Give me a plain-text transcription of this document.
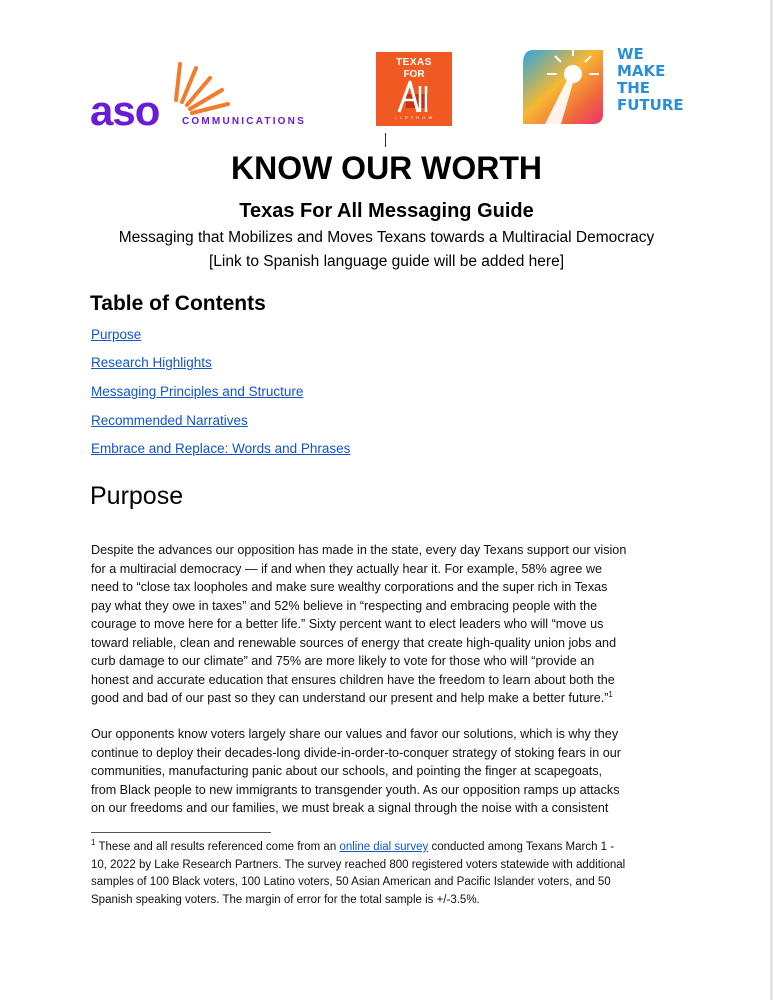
aso COMMUNICATIONS
TEXAS
FOR
L L E T R O W
WE
MAKE
THE
FUTURE
KNOW OUR WORTH
Texas For All Messaging Guide
Messaging that Mobilizes and Moves Texans towards a Multiracial Democracy
[Link to Spanish language guide will be added here]
Table of Contents
Purpose
Research Highlights
Messaging Principles and Structure
Recommended Narratives
Embrace and Replace: Words and Phrases
Purpose

Despite the advances our opposition has made in the state, every day Texans support our vision
for a multiracial democracy — if and when they actually hear it. For example, 58% agree we
need to “close tax loopholes and make sure wealthy corporations and the super rich in Texas
pay what they owe in taxes” and 52% believe in “respecting and embracing people with the
courage to move here for a better life.” Sixty percent want to elect leaders who will “move us
toward reliable, clean and renewable sources of energy that create high-quality union jobs and
curb damage to our climate” and 75% are more likely to vote for those who will “provide an
honest and accurate education that ensures children have the freedom to learn about both the
good and bad of our past so they can understand our present and help make a better future.”$^1$

Our opponents know voters largely share our values and favor our solutions, which is why they
continue to deploy their decades-long divide-in-order-to-conquer strategy of stoking fears in our
communities, manufacturing panic about our schools, and pointing the finger at scapegoats,
from Black people to new immigrants to transgender youth. As our opposition ramps up attacks
on our freedoms and our families, we must break a signal through the noise with a consistent

$^1$ These and all results referenced come from an online dial survey conducted among Texans March 1 -
10, 2022 by Lake Research Partners. The survey reached 800 registered voters statewide with additional
samples of 100 Black voters, 100 Latino voters, 50 Asian American and Pacific Islander voters, and 50
Spanish speaking voters. The margin of error for the total sample is +/-3.5%.
